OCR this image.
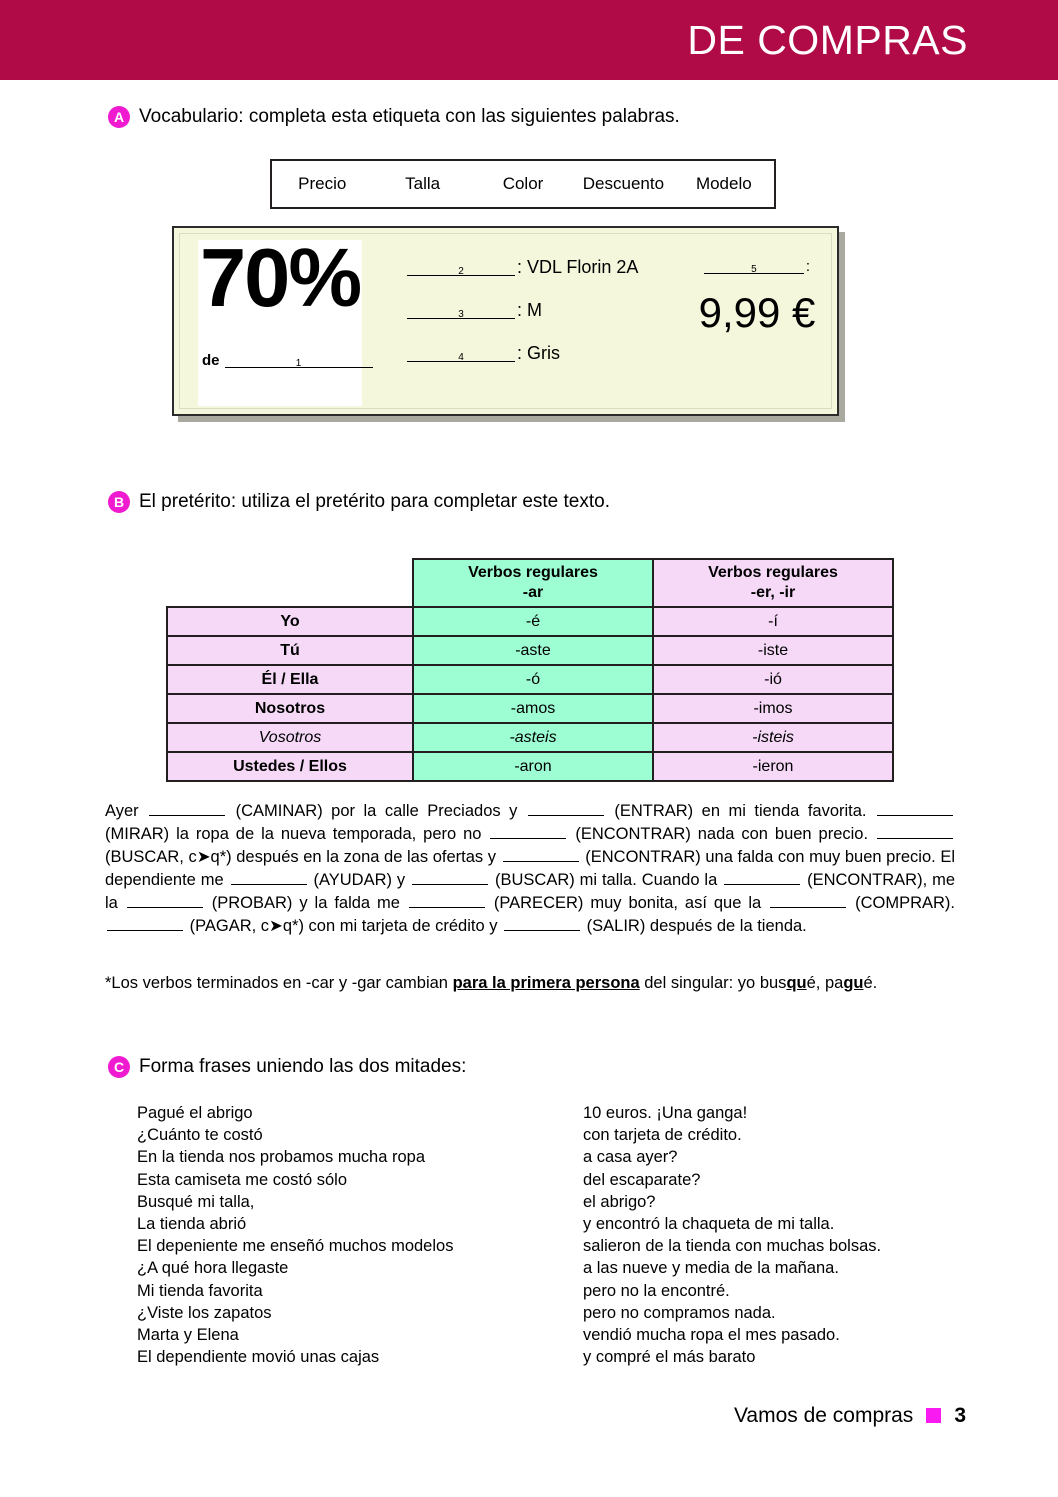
DE COMPRAS
A Vocabulario: completa esta etiqueta con las siguientes palabras.
Precio	Talla	Color	Descuento	Modelo
70%
de	1
2	: VDL Florin 2A
3	: M
4	: Gris
5	:
9,99 €
B El pretérito: utiliza el pretérito para completar este texto.

Verbos regulares
-ar

Verbos regulares
-er, -ir

Yo	-é	-í
Tú	-aste	-iste
Él / Ella	-ó	-ió
Nosotros	-amos	-imos
Vosotros	-asteis	-isteis
Ustedes / Ellos	-aron	-ieron
Ayer	(CAMINAR) por la calle Preciados y	(ENTRAR) en mi tienda favorita.  (MIRAR) la ropa de la nueva temporada, pero no	(ENCONTRAR) nada con buen precio.  (BUSCAR, c➤q*) después en la zona de las ofertas y	(ENCONTRAR) una falda con muy buen precio. El dependiente me	(AYUDAR) y	(BUSCAR) mi talla. Cuando la	(ENCONTRAR), me la	(PROBAR) y la falda me	(PARECER) muy bonita, así que la	(COMPRAR).  (PAGAR, c➤q*) con mi tarjeta de crédito y	(SALIR) después de la tienda.
*Los verbos terminados en -car y -gar cambian para la primera persona del singular: yo busqué, pagué.
C Forma frases uniendo las dos mitades:
Pagué el abrigo
¿Cuánto te costó
En la tienda nos probamos mucha ropa
Esta camiseta me costó sólo
Busqué mi talla,
La tienda abrió
El depeniente me enseñó muchos modelos
¿A qué hora llegaste
Mi tienda favorita
¿Viste los zapatos
Marta y Elena
El dependiente movió unas cajas
10 euros. ¡Una ganga!
con tarjeta de crédito.
a casa ayer?
del escaparate?
el abrigo?
y encontró la chaqueta de mi talla.
salieron de la tienda con muchas bolsas.
a las nueve y media de la mañana.
pero no la encontré.
pero no compramos nada.
vendió mucha ropa el mes pasado.
y compré el más barato
Vamos de compras 3
